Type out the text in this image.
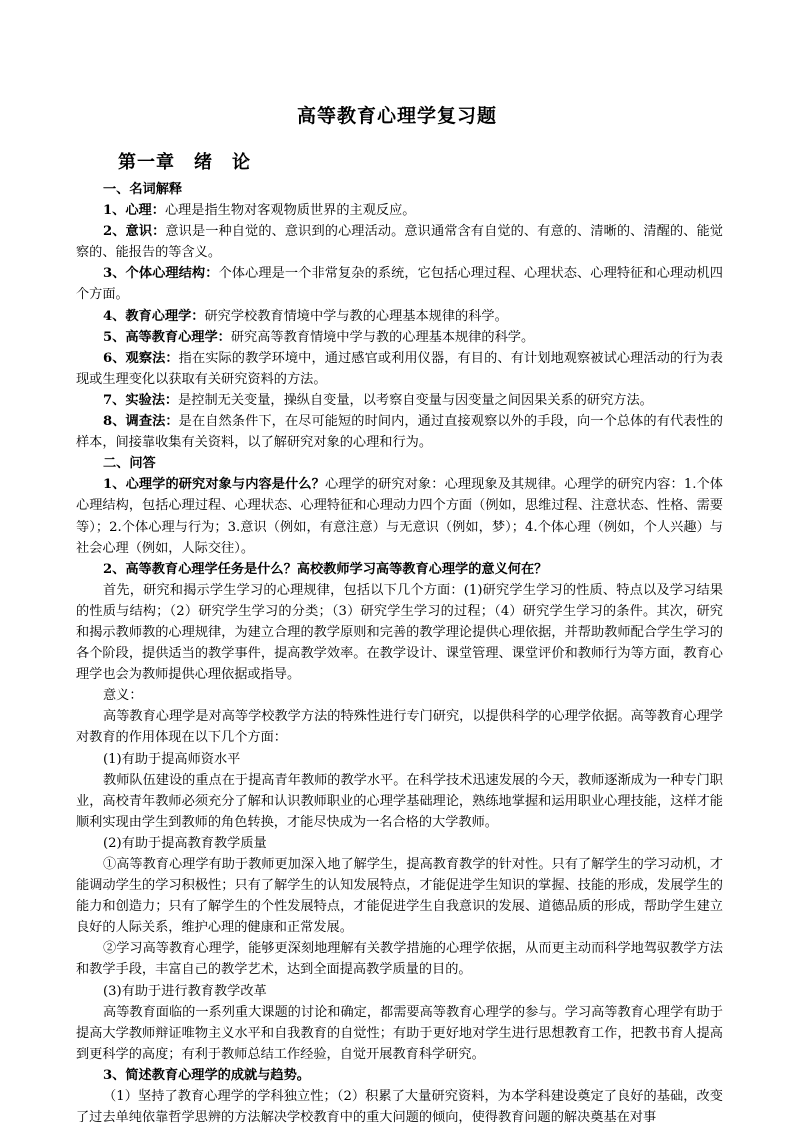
高等教育心理学复习题
第一章　绪　论

一、名词解释

1、心理：心理是指生物对客观物质世界的主观反应。

2、意识：意识是一种自觉的、意识到的心理活动。意识通常含有自觉的、有意的、清晰的、清醒的、能觉察的、能报告的等含义。

3、个体心理结构：个体心理是一个非常复杂的系统，它包括心理过程、心理状态、心理特征和心理动机四个方面。

4、教育心理学：研究学校教育情境中学与教的心理基本规律的科学。

5、高等教育心理学：研究高等教育情境中学与教的心理基本规律的科学。

6、观察法：指在实际的教学环境中，通过感官或利用仪器，有目的、有计划地观察被试心理活动的行为表现或生理变化以获取有关研究资料的方法。

7、实验法：是控制无关变量，操纵自变量，以考察自变量与因变量之间因果关系的研究方法。

8、调查法：是在自然条件下，在尽可能短的时间内，通过直接观察以外的手段，向一个总体的有代表性的样本，间接靠收集有关资料，以了解研究对象的心理和行为。

二、问答

1、心理学的研究对象与内容是什么？心理学的研究对象：心理现象及其规律。心理学的研究内容：1.个体心理结构，包括心理过程、心理状态、心理特征和心理动力四个方面（例如，思维过程、注意状态、性格、需要等）；2.个体心理与行为；3.意识（例如，有意注意）与无意识（例如，梦）；4.个体心理（例如，个人兴趣）与社会心理（例如，人际交往）。

2、高等教育心理学任务是什么？高校教师学习高等教育心理学的意义何在？

首先，研究和揭示学生学习的心理规律，包括以下几个方面：(1)研究学生学习的性质、特点以及学习结果的性质与结构；（2）研究学生学习的分类；（3）研究学生学习的过程；（4）研究学生学习的条件。其次，研究和揭示教师教的心理规律，为建立合理的教学原则和完善的教学理论提供心理依据，并帮助教师配合学生学习的各个阶段，提供适当的教学事件，提高教学效率。在教学设计、课堂管理、课堂评价和教师行为等方面，教育心理学也会为教师提供心理依据或指导。

意义：

高等教育心理学是对高等学校教学方法的特殊性进行专门研究，以提供科学的心理学依据。高等教育心理学对教育的作用体现在以下几个方面：

(1)有助于提高师资水平

教师队伍建设的重点在于提高青年教师的教学水平。在科学技术迅速发展的今天，教师逐渐成为一种专门职业，高校青年教师必须充分了解和认识教师职业的心理学基础理论，熟练地掌握和运用职业心理技能，这样才能顺利实现由学生到教师的角色转换，才能尽快成为一名合格的大学教师。

(2)有助于提高教育教学质量

①高等教育心理学有助于教师更加深入地了解学生，提高教育教学的针对性。只有了解学生的学习动机，才能调动学生的学习积极性；只有了解学生的认知发展特点，才能促进学生知识的掌握、技能的形成，发展学生的能力和创造力；只有了解学生的个性发展特点，才能促进学生自我意识的发展、道德品质的形成，帮助学生建立良好的人际关系，维护心理的健康和正常发展。

②学习高等教育心理学，能够更深刻地理解有关教学措施的心理学依据，从而更主动而科学地驾驭教学方法和教学手段，丰富自己的教学艺术，达到全面提高教学质量的目的。

(3)有助于进行教育教学改革

高等教育面临的一系列重大课题的讨论和确定，都需要高等教育心理学的参与。学习高等教育心理学有助于提高大学教师辩证唯物主义水平和自我教育的自觉性；有助于更好地对学生进行思想教育工作，把教书育人提高到更科学的高度；有利于教师总结工作经验，自觉开展教育科学研究。

3、简述教育心理学的成就与趋势。

（1）坚持了教育心理学的学科独立性；（2）积累了大量研究资料，为本学科建设奠定了良好的基础，改变了过去单纯依靠哲学思辨的方法解决学校教育中的重大问题的倾向，使得教育问题的解决奠基在对事
